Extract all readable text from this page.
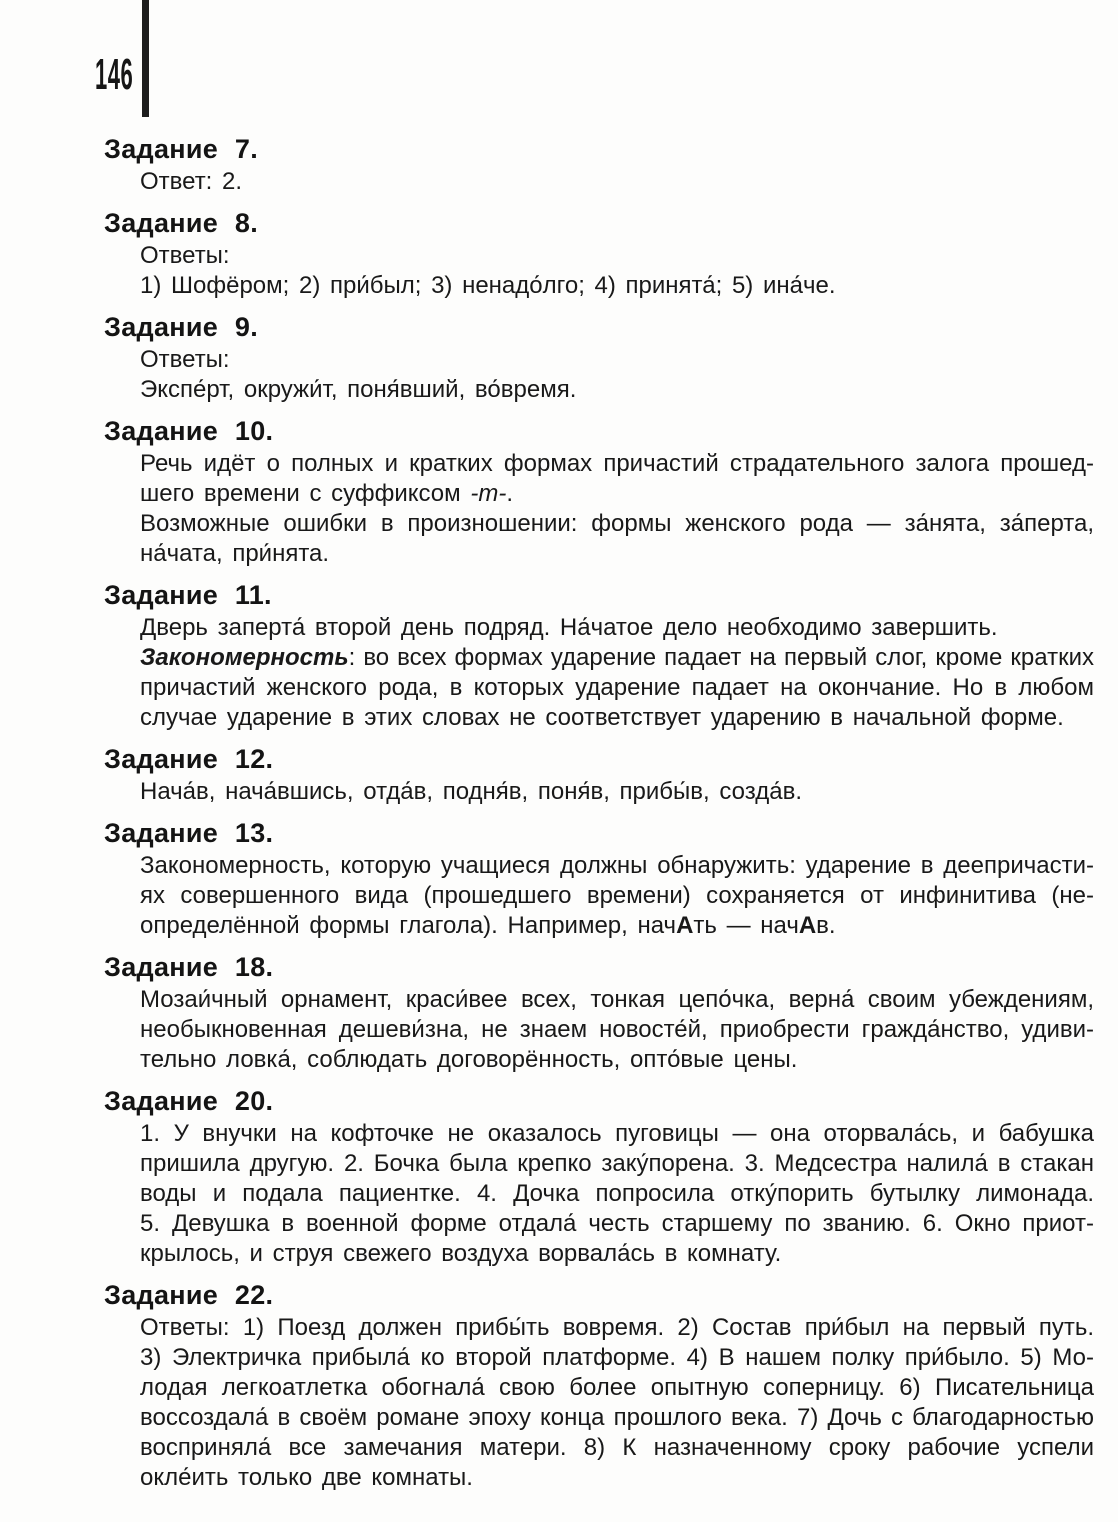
146
Задание 7.

Ответ: 2.

Задание 8.

Ответы:

1) Шофёром; 2) при́был; 3) ненадо́лго; 4) принята́; 5) ина́че.

Задание 9.

Ответы:

Экспе́рт, окружи́т, поня́вший, во́время.

Задание 10.

Речь идёт о полных и кратких формах причастий страдательного залога прошед-

шего времени с суффиксом -т-.

Возможные ошибки в произношении: формы женского рода — за́нята, за́перта,

на́чата, при́нята.

Задание 11.

Дверь заперта́ второй день подряд. На́чатое дело необходимо завершить.

Закономерность: во всех формах ударение падает на первый слог, кроме кратких

причастий женского рода, в которых ударение падает на окончание. Но в любом

случае ударение в этих словах не соответствует ударению в начальной форме.

Задание 12.

Нача́в, нача́вшись, отда́в, подня́в, поня́в, прибы́в, созда́в.

Задание 13.

Закономерность, которую учащиеся должны обнаружить: ударение в деепричасти-

ях совершенного вида (прошедшего времени) сохраняется от инфинитива (не-

определённой формы глагола). Например, начАть — начАв.

Задание 18.

Мозаи́чный орнамент, краси́вее всех, тонкая цепо́чка, верна́ своим убеждениям,

необыкновенная дешеви́зна, не знаем новосте́й, приобрести гражда́нство, удиви-

тельно ловка́, соблюдать договорённость, опто́вые цены.

Задание 20.

1. У внучки на кофточке не оказалось пуговицы — она оторвала́сь, и бабушка

пришила другую. 2. Бочка была крепко заку́порена. 3. Медсестра налила́ в стакан

воды и подала пациентке. 4. Дочка попросила отку́порить бутылку лимонада.

5. Девушка в военной форме отдала́ честь старшему по званию. 6. Окно приот-

крылось, и струя свежего воздуха ворвала́сь в комнату.

Задание 22.

Ответы: 1) Поезд должен прибы́ть вовремя. 2) Состав при́был на первый путь.

3) Электричка прибыла́ ко второй платформе. 4) В нашем полку при́было. 5) Мо-

лодая легкоатлетка обогнала́ свою более опытную соперницу. 6) Писательница

воссоздала́ в своём романе эпоху конца прошлого века. 7) Дочь с благодарностью

восприняла́ все замечания матери. 8) К назначенному сроку рабочие успели

окле́ить только две комнаты.
